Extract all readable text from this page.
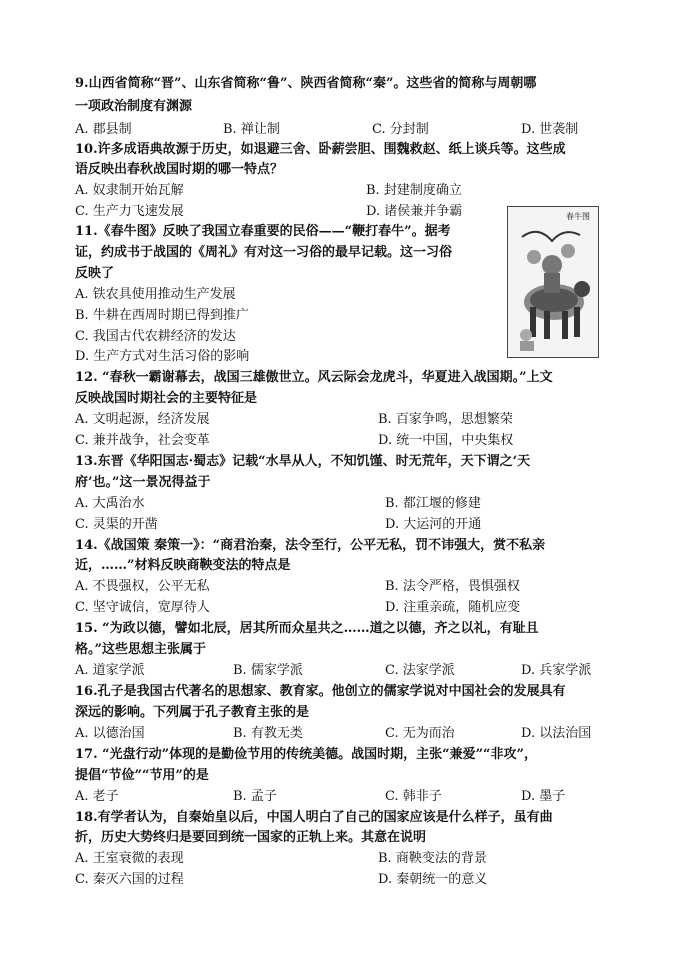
9.山西省简称“晋”、山东省简称“鲁”、陕西省简称“秦”。这些省的简称与周朝哪
一项政治制度有渊源
A. 郡县制	B. 禅让制	C. 分封制	D. 世袭制
10.许多成语典故源于历史，如退避三舍、卧薪尝胆、围魏救赵、纸上谈兵等。这些成
语反映出春秋战国时期的哪一特点？
A. 奴隶制开始瓦解	B. 封建制度确立
C. 生产力飞速发展	D. 诸侯兼并争霸
11.《春牛图》反映了我国立春重要的民俗——“鞭打春牛”。据考
证，约成书于战国的《周礼》有对这一习俗的最早记载。这一习俗
反映了
A. 铁农具使用推动生产发展
B. 牛耕在西周时期已得到推广
C. 我国古代农耕经济的发达
D. 生产方式对生活习俗的影响
春牛图
12. “春秋一霸谢幕去，战国三雄傲世立。风云际会龙虎斗，华夏进入战国期。”上文
反映战国时期社会的主要特征是
A. 文明起源，经济发展	B. 百家争鸣，思想繁荣
C. 兼并战争，社会变革	D. 统一中国，中央集权
13.东晋《华阳国志·蜀志》记载“水旱从人，不知饥馑、时无荒年，天下谓之‘天
府’也。”这一景况得益于
A. 大禹治水	B. 都江堰的修建
C. 灵渠的开凿	D. 大运河的开通
14.《战国策 秦策一》：“商君治秦，法令至行，公平无私，罚不讳强大，赏不私亲
近，……”材料反映商鞅变法的特点是
A. 不畏强权，公平无私	B. 法令严格，畏惧强权
C. 坚守诚信，宽厚待人	D. 注重亲疏，随机应变
15. “为政以德，譬如北辰，居其所而众星共之……道之以德，齐之以礼，有耻且
格。”这些思想主张属于
A. 道家学派	B. 儒家学派	C. 法家学派	D. 兵家学派
16.孔子是我国古代著名的思想家、教育家。他创立的儒家学说对中国社会的发展具有
深远的影响。下列属于孔子教育主张的是
A. 以德治国	B. 有教无类	C. 无为而治	D. 以法治国
17. “光盘行动”体现的是勤俭节用的传统美德。战国时期，主张“兼爱”“非攻”，
提倡“节俭”“节用”的是
A. 老子	B. 孟子	C. 韩非子	D. 墨子
18.有学者认为，自秦始皇以后，中国人明白了自己的国家应该是什么样子，虽有曲
折，历史大势终归是要回到统一国家的正轨上来。其意在说明
A. 王室衰微的表现	B. 商鞅变法的背景
C. 秦灭六国的过程	D. 秦朝统一的意义
